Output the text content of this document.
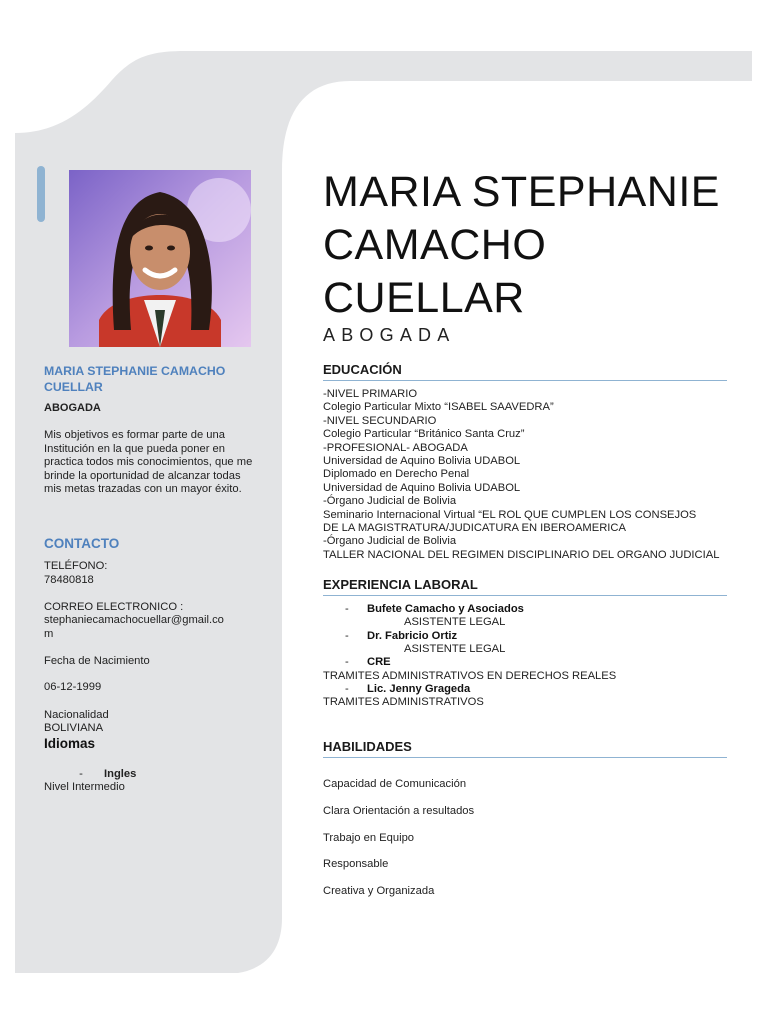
MARIA STEPHANIE CAMACHO CUELLAR
ABOGADA
Mis objetivos es formar parte de una Institución en la que pueda poner en practica todos mis conocimientos, que me brinde la oportunidad de alcanzar todas mis metas trazadas con un mayor éxito.
CONTACTO
TELÉFONO:
78480818
CORREO ELECTRONICO :
stephaniecamachocuellar@gmail.co
m
Fecha de Nacimiento
06-12-1999
Nacionalidad
BOLIVIANA
Idiomas
- Ingles
Nivel Intermedio
MARIA STEPHANIE
CAMACHO
CUELLAR
ABOGADA
EDUCACIÓN
-NIVEL PRIMARIO
Colegio Particular Mixto “ISABEL SAAVEDRA”
-NIVEL SECUNDARIO
Colegio Particular “Británico Santa Cruz”
-PROFESIONAL- ABOGADA
Universidad de Aquino Bolivia UDABOL
Diplomado en Derecho Penal
Universidad de Aquino Bolivia UDABOL
-Órgano Judicial de Bolivia
Seminario Internacional Virtual “EL ROL QUE CUMPLEN LOS CONSEJOS
DE LA MAGISTRATURA/JUDICATURA EN IBEROAMERICA
-Órgano Judicial de Bolivia
TALLER NACIONAL DEL REGIMEN DISCIPLINARIO DEL ORGANO JUDICIAL
EXPERIENCIA LABORAL
- Bufete Camacho y Asociados
ASISTENTE LEGAL
- Dr. Fabricio Ortiz
ASISTENTE LEGAL
- CRE
TRAMITES ADMINISTRATIVOS EN DERECHOS REALES
- Lic. Jenny Grageda
TRAMITES ADMINISTRATIVOS
HABILIDADES
Capacidad de Comunicación
Clara Orientación a resultados
Trabajo en Equipo
Responsable
Creativa y Organizada
